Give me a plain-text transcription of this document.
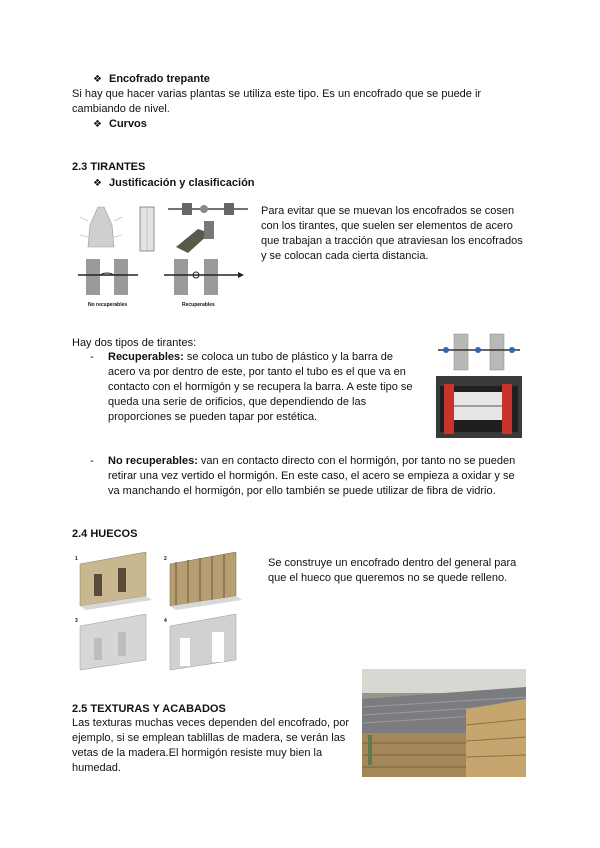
❖ Encofrado trepante
Si hay que hacer varias plantas se utiliza este tipo. Es un encofrado que se puede ir
cambiando de nivel.
❖ Curvos
2.3 TIRANTES
❖ Justificación y clasificación
No recuperables	Recuperables
Para evitar que se muevan los encofrados se cosen
con los tirantes, que suelen ser elementos de acero
que trabajan a tracción que atraviesan los encofrados
y se colocan cada cierta distancia.
Hay dos tipos de tirantes:
-	Recuperables: se coloca un tubo de plástico y la barra de
acero va por dentro de este, por tanto el tubo es el que va en
contacto con el hormigón y se recupera la barra. A este tipo se
queda una serie de orificios, que dependiendo de las
proporciones se pueden tapar por estética.
-	No recuperables: van en contacto directo con el hormigón, por tanto no se pueden
retirar una vez vertido el hormigón. En este caso, el acero se empieza a oxidar y se
va manchando el hormigón, por ello también se puede utilizar de fibra de vidrio.
2.4 HUECOS
1	2
3	4
Se construye un encofrado dentro del general para
que el hueco que queremos no se quede relleno.
2.5 TEXTURAS Y ACABADOS
Las texturas muchas veces dependen del encofrado, por
ejemplo, si se emplean tablillas de madera, se verán las
vetas de la madera.El hormigón resiste muy bien la
humedad.
